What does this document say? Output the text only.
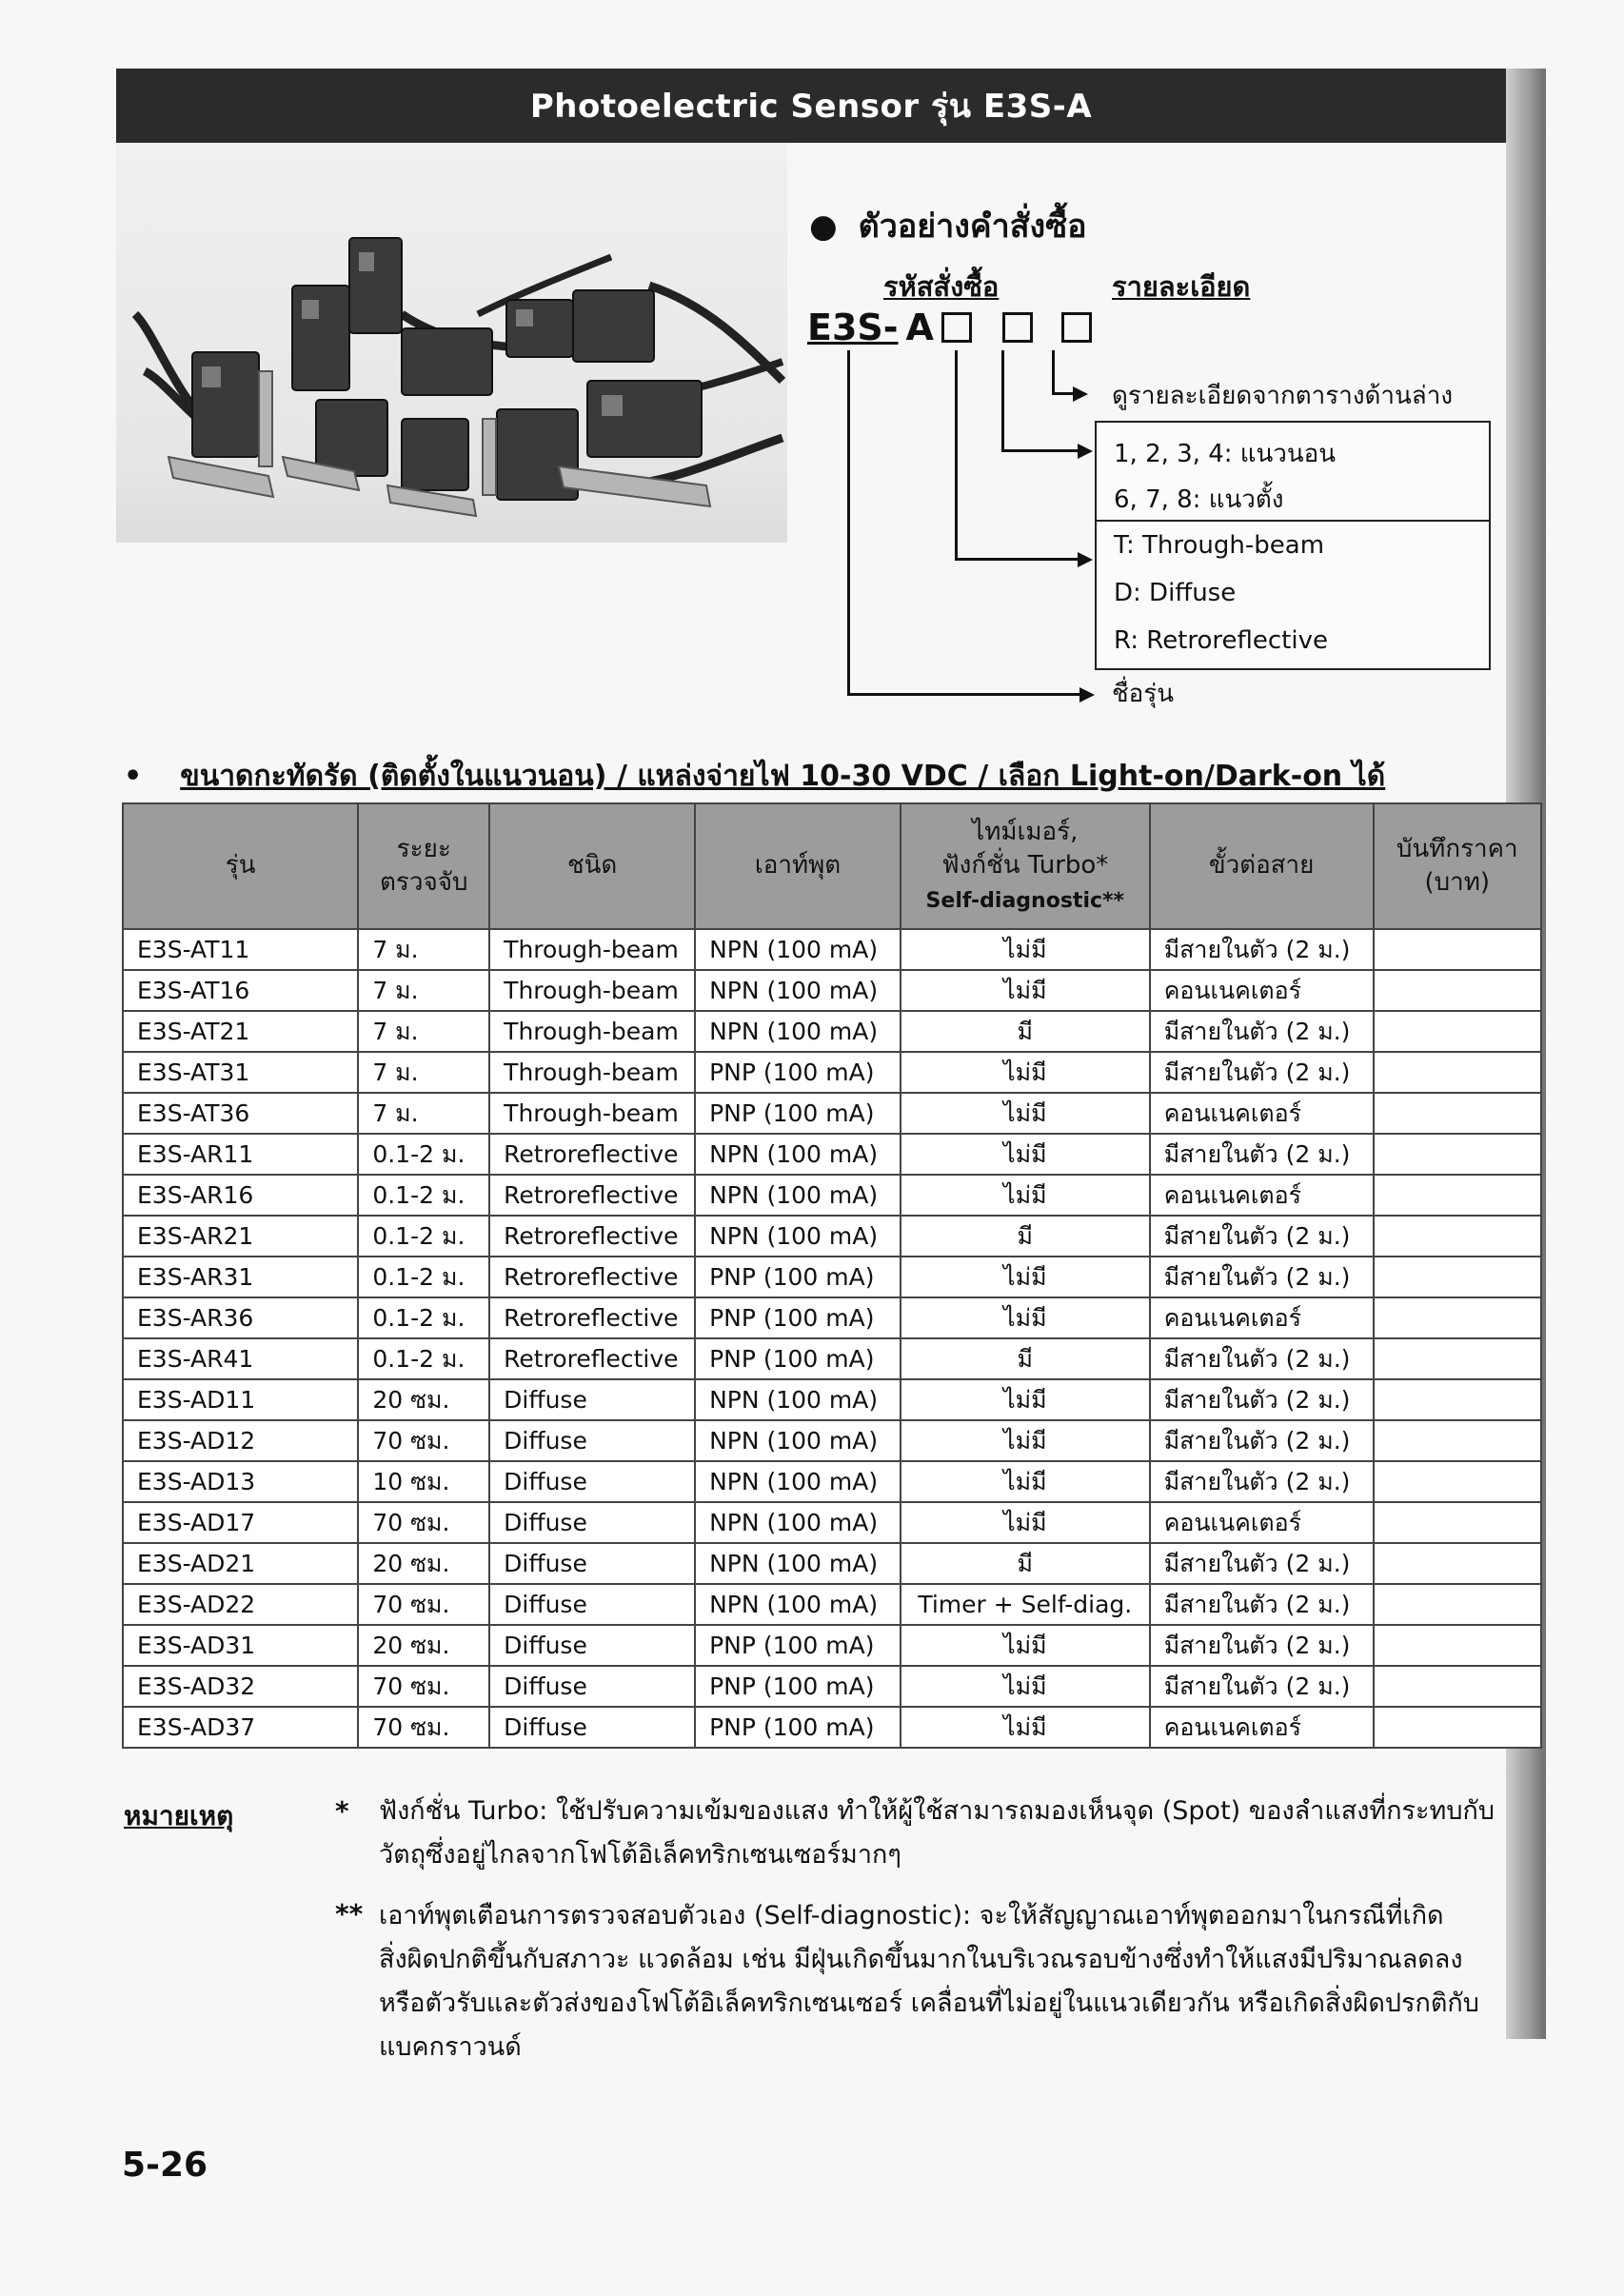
Photoelectric Sensor รุ่น E3S-A
● ตัวอย่างคำสั่งซื้อ
รหัสสั่งซื้อ	รายละเอียด
E3S- A
ดูรายละเอียดจากตารางด้านล่าง
1, 2, 3, 4: แนวนอน
6, 7, 8: แนวตั้ง
T: Through-beam
D: Diffuse
R: Retroreflective
ชื่อรุ่น
• ขนาดกะทัดรัด (ติดตั้งในแนวนอน) / แหล่งจ่ายไฟ 10-30 VDC / เลือก Light-on/Dark-on ได้
รุ่น	ระยะ
ตรวจจับ	ชนิด	เอาท์พุต	ไทม์เมอร์,
ฟังก์ชั่น Turbo*
Self-diagnostic**	ขั้วต่อสาย	บันทึกราคา
(บาท)
E3S-AT11	7 ม.	Through-beam	NPN (100 mA)	ไม่มี	มีสายในตัว (2 ม.)	
E3S-AT16	7 ม.	Through-beam	NPN (100 mA)	ไม่มี	คอนเนคเตอร์	
E3S-AT21	7 ม.	Through-beam	NPN (100 mA)	มี	มีสายในตัว (2 ม.)	
E3S-AT31	7 ม.	Through-beam	PNP (100 mA)	ไม่มี	มีสายในตัว (2 ม.)	
E3S-AT36	7 ม.	Through-beam	PNP (100 mA)	ไม่มี	คอนเนคเตอร์	
E3S-AR11	0.1-2 ม.	Retroreflective	NPN (100 mA)	ไม่มี	มีสายในตัว (2 ม.)	
E3S-AR16	0.1-2 ม.	Retroreflective	NPN (100 mA)	ไม่มี	คอนเนคเตอร์	
E3S-AR21	0.1-2 ม.	Retroreflective	NPN (100 mA)	มี	มีสายในตัว (2 ม.)	
E3S-AR31	0.1-2 ม.	Retroreflective	PNP (100 mA)	ไม่มี	มีสายในตัว (2 ม.)	
E3S-AR36	0.1-2 ม.	Retroreflective	PNP (100 mA)	ไม่มี	คอนเนคเตอร์	
E3S-AR41	0.1-2 ม.	Retroreflective	PNP (100 mA)	มี	มีสายในตัว (2 ม.)	
E3S-AD11	20 ซม.	Diffuse	NPN (100 mA)	ไม่มี	มีสายในตัว (2 ม.)	
E3S-AD12	70 ซม.	Diffuse	NPN (100 mA)	ไม่มี	มีสายในตัว (2 ม.)	
E3S-AD13	10 ซม.	Diffuse	NPN (100 mA)	ไม่มี	มีสายในตัว (2 ม.)	
E3S-AD17	70 ซม.	Diffuse	NPN (100 mA)	ไม่มี	คอนเนคเตอร์	
E3S-AD21	20 ซม.	Diffuse	NPN (100 mA)	มี	มีสายในตัว (2 ม.)	
E3S-AD22	70 ซม.	Diffuse	NPN (100 mA)	Timer + Self-diag.	มีสายในตัว (2 ม.)	
E3S-AD31	20 ซม.	Diffuse	PNP (100 mA)	ไม่มี	มีสายในตัว (2 ม.)	
E3S-AD32	70 ซม.	Diffuse	PNP (100 mA)	ไม่มี	มีสายในตัว (2 ม.)	
E3S-AD37	70 ซม.	Diffuse	PNP (100 mA)	ไม่มี	คอนเนคเตอร์	
หมายเหตุ	* ฟังก์ชั่น Turbo: ใช้ปรับความเข้มของแสง ทำให้ผู้ใช้สามารถมองเห็นจุด (Spot) ของลำแสงที่กระทบกับ
วัตถุซึ่งอยู่ไกลจากโฟโต้อิเล็คทริกเซนเซอร์มากๆ
** เอาท์พุตเตือนการตรวจสอบตัวเอง (Self-diagnostic): จะให้สัญญาณเอาท์พุตออกมาในกรณีที่เกิด
สิ่งผิดปกติขึ้นกับสภาวะ แวดล้อม เช่น มีฝุ่นเกิดขึ้นมากในบริเวณรอบข้างซึ่งทำให้แสงมีปริมาณลดลง
หรือตัวรับและตัวส่งของโฟโต้อิเล็คทริกเซนเซอร์ เคลื่อนที่ไม่อยู่ในแนวเดียวกัน หรือเกิดสิ่งผิดปรกติกับ
แบคกราวนด์
5-26
